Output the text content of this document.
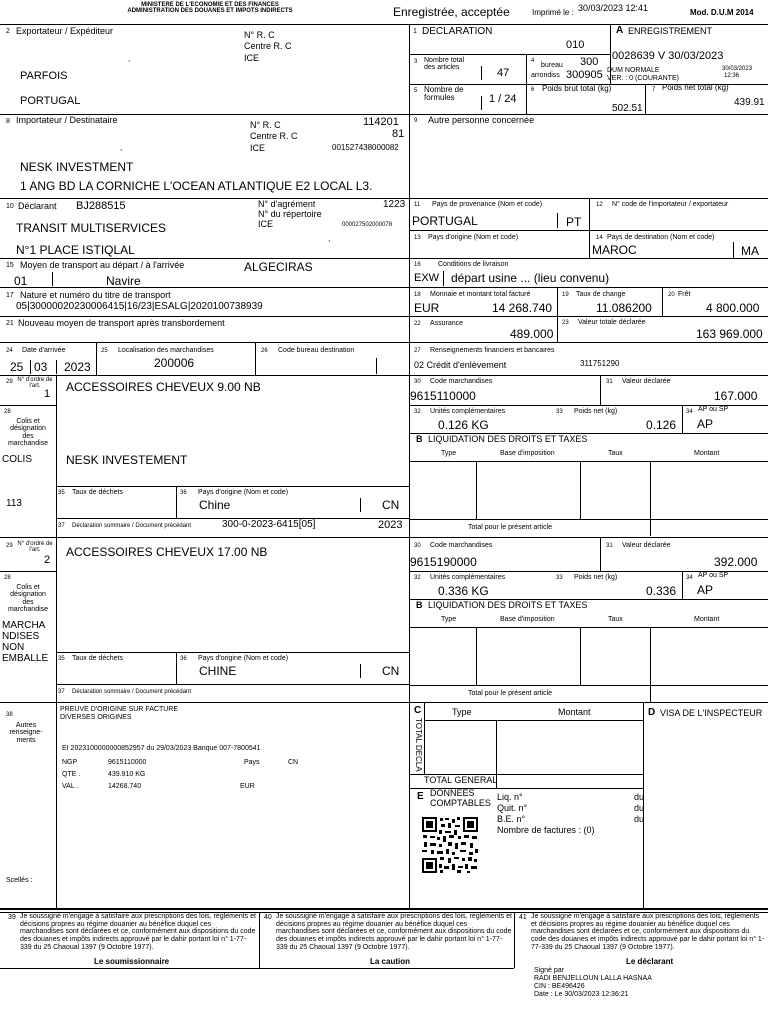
MINISTERE DE L'ECONOMIE ET DES FINANCES
ADMINISTRATION DES DOUANES ET IMPOTS INDIRECTS	Enregistrée, acceptée	Imprimé le : 30/03/2023 12:41	Mod. D.U.M 2014
2 Exportateur / Expéditeur	N° R. C
Centre R. C
ICE
,
PARFOIS
PORTUGAL
1 DECLARATION
010
3 Nombre total des articles	47
4
bureau 300
arrondiss 300905
5 Nombre de formules	1 / 24
6 Poids brut total (kg)
502.51
7 Poids net total (kg)
439.91
A ENREGISTREMENT
0028639 V 30/03/2023
DUM NORMALE
VER. : 0 (COURANTE)
30/03/2023
12:36
8 Importateur / Destinataire	N° R. C	114201
Centre R. C	81
ICE	001527438000082
,
NESK INVESTMENT
1 ANG BD LA CORNICHE L'OCEAN ATLANTIQUE E2 LOCAL L3.
9 Autre personne concernée
10 Déclarant BJ288515	N° d'agrément	1223
N° du répertoire
ICE	000027502000078
,
TRANSIT MULTISERVICES
N°1 PLACE ISTIQLAL
11 Pays de provenance (Nom et code)
PORTUGAL	PT
12 N° code de l'importateur / exportateur
13 Pays d'origine (Nom et code)	14 Pays de destination (Nom et code)
MAROC	MA
15 Moyen de transport au départ / à l'arrivée	ALGECIRAS
01	Navire
16 Conditions de livraison
EXW départ usine ... (lieu convenu)
17 Nature et numéro du titre de transport
05|30000020230006415|16/23|ESALG|2020100738939
18 Monnaie et montant total facturé
EUR	14 268.740
19 Taux de change
11.086200
20 Frêt
4 800.000
21 Nouveau moyen de transport après transbordement	22 Assurance
489.000
23 Valeur totale déclarée
163 969.000
24 Date d'arrivée
25 03 2023
25 Localisation des marchandises
200006
26 Code bureau destination	27 Renseignements financiers et bancaires
02 Crédit d'enlèvement	311751290
29 N° d'ordre de l'art.
1 ACCESSOIRES CHEVEUX 9.00 NB
28
Colis et désignation des marchandise
COLIS
113
NESK INVESTEMENT
35 Taux de déchets	36 Pays d'origine (Nom et code)
Chine	CN
37 Déclaration sommaire / Document précédant	300-0-2023-6415[05]	2023
30 Code marchandises
9615110000
31 Valeur déclarée
167.000
32 Unités complémentaires
0.126 KG
33 Poids net (kg)
0.126
34 AP ou SP
AP
B LIQUIDATION DES DROITS ET TAXES
Type	Base d'imposition	Taux	Montant
Total pour le présent article
29 N° d'ordre de l'art.
2
ACCESSOIRES CHEVEUX 17.00 NB
28
Colis et désignation des marchandise
MARCHA
NDISES
NON
EMBALLE 35 Taux de déchets	36 Pays d'origine (Nom et code)
CHINE	CN
37 Déclaration sommaire / Document précédant
30 Code marchandises
9615190000
31 Valeur déclarée
392.000
32 Unités complémentaires
0.336 KG
33 Poids net (kg)
0.336
34 AP ou SP
AP
B LIQUIDATION DES DROITS ET TAXES
Type	Base d'imposition	Taux	Montant
Total pour le présent article
38
Autres renseigne-ments
Scellés :
PREUVE D'ORIGINE SUR FACTURE
DIVERSES ORIGINES
EI 2023100000000852957 du 29/03/2023 Banque 007-7800541
NGP	9615110000	Pays	CN
QTE .	439.910 KG
VAL .	14268.740	EUR
C
TOTAL DECLA
Type	Montant
TOTAL GENERAL
D VISA DE L'INSPECTEUR
E DONNEES
COMPTABLES
Liq. n°
Quit. n°
B.E. n°
du
du
du
Nombre de factures : (0)
39 Je soussigné m'engage à satisfaire aux prescriptions des lois, règlements et décisions propres au régime douanier au bénéfice duquel ces marchandises sont déclarées et ce, conformément aux dispositions du code des douanes et impôts indirects approuvé par le dahir portant loi n° 1-77-339 du 25 Chaoual 1397 (9 Octobre 1977).
Le soumissionnaire
40 Je soussigné m'engage à satisfaire aux prescriptions des lois, règlements et décisions propres au régime douanier au bénéfice duquel ces marchandises sont déclarées et ce, conformément aux dispositions du code des douanes et impôts indirects approuvé par le dahir portant loi n° 1-77-339 du 25 Chaoual 1397 (9 Octobre 1977).
La caution
41 Je soussigné m'engage à satisfaire aux prescriptions des lois, règlements et décisions propres au régime douanier au bénéfice duquel ces marchandises sont déclarées et ce, conformément aux dispositions du code des douanes et impôts indirects approuvé par le dahir portant loi n° 1-77-339 du 25 Chaoual 1397 (9 Octobre 1977).
Le déclarant
Signé par
RADI BENJELLOUN LALLA HASNAA
CIN : BE496426
Date : Le 30/03/2023 12:36:21
